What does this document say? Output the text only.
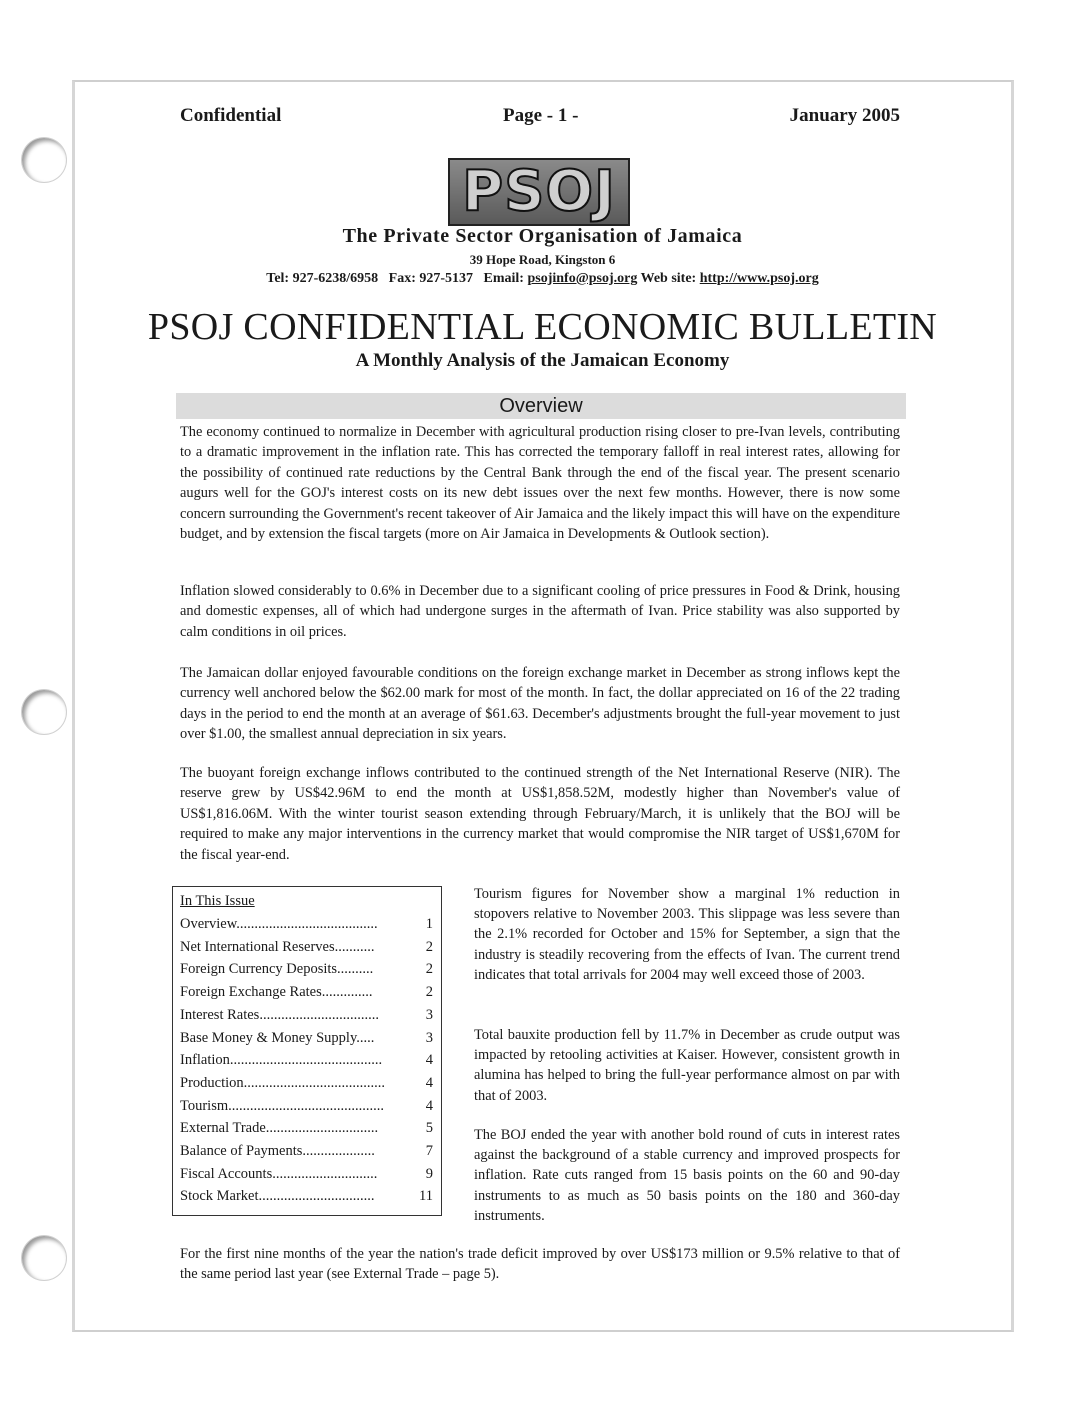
Confidential	Page - 1 -	January 2005
PSOJ
The Private Sector Organisation of Jamaica
39 Hope Road, Kingston 6
Tel: 927-6238/6958 Fax: 927-5137 Email: psojinfo@psoj.org Web site: http://www.psoj.org
PSOJ CONFIDENTIAL ECONOMIC BULLETIN
A Monthly Analysis of the Jamaican Economy
Overview

The economy continued to normalize in December with agricultural production rising closer to pre-Ivan levels, contributing to a dramatic improvement in the inflation rate. This has corrected the temporary falloff in real interest rates, allowing for the possibility of continued rate reductions by the Central Bank through the end of the fiscal year. The present scenario augurs well for the GOJ's interest costs on its new debt issues over the next few months. However, there is now some concern surrounding the Government's recent takeover of Air Jamaica and the likely impact this will have on the expenditure budget, and by extension the fiscal targets (more on Air Jamaica in Developments & Outlook section).

Inflation slowed considerably to 0.6% in December due to a significant cooling of price pressures in Food & Drink, housing and domestic expenses, all of which had undergone surges in the aftermath of Ivan. Price stability was also supported by calm conditions in oil prices.

The Jamaican dollar enjoyed favourable conditions on the foreign exchange market in December as strong inflows kept the currency well anchored below the $62.00 mark for most of the month. In fact, the dollar appreciated on 16 of the 22 trading days in the period to end the month at an average of $61.63. December's adjustments brought the full-year movement to just over $1.00, the smallest annual depreciation in six years.

The buoyant foreign exchange inflows contributed to the continued strength of the Net International Reserve (NIR). The reserve grew by US$42.96M to end the month at US$1,858.52M, modestly higher than November's value of US$1,816.06M. With the winter tourist season extending through February/March, it is unlikely that the BOJ will be required to make any major interventions in the currency market that would compromise the NIR target of US$1,670M for the fiscal year-end.

In This Issue
Overview.......................................	1
Net International Reserves...........	2
Foreign Currency Deposits..........	2
Foreign Exchange Rates..............	2
Interest Rates.................................	3
Base Money & Money Supply.....	3
Inflation..........................................	4
Production.......................................	4
Tourism...........................................	4
External Trade...............................	5
Balance of Payments....................	7
Fiscal Accounts.............................	9
Stock Market................................	11

Tourism figures for November show a marginal 1% reduction in stopovers relative to November 2003. This slippage was less severe than the 2.1% recorded for October and 15% for September, a sign that the industry is steadily recovering from the effects of Ivan. The current trend indicates that total arrivals for 2004 may well exceed those of 2003.

Total bauxite production fell by 11.7% in December as crude output was impacted by retooling activities at Kaiser. However, consistent growth in alumina has helped to bring the full-year performance almost on par with that of 2003.

The BOJ ended the year with another bold round of cuts in interest rates against the background of a stable currency and improved prospects for inflation. Rate cuts ranged from 15 basis points on the 60 and 90-day instruments to as much as 50 basis points on the 180 and 360-day instruments.

For the first nine months of the year the nation's trade deficit improved by over US$173 million or 9.5% relative to that of the same period last year (see External Trade – page 5).
